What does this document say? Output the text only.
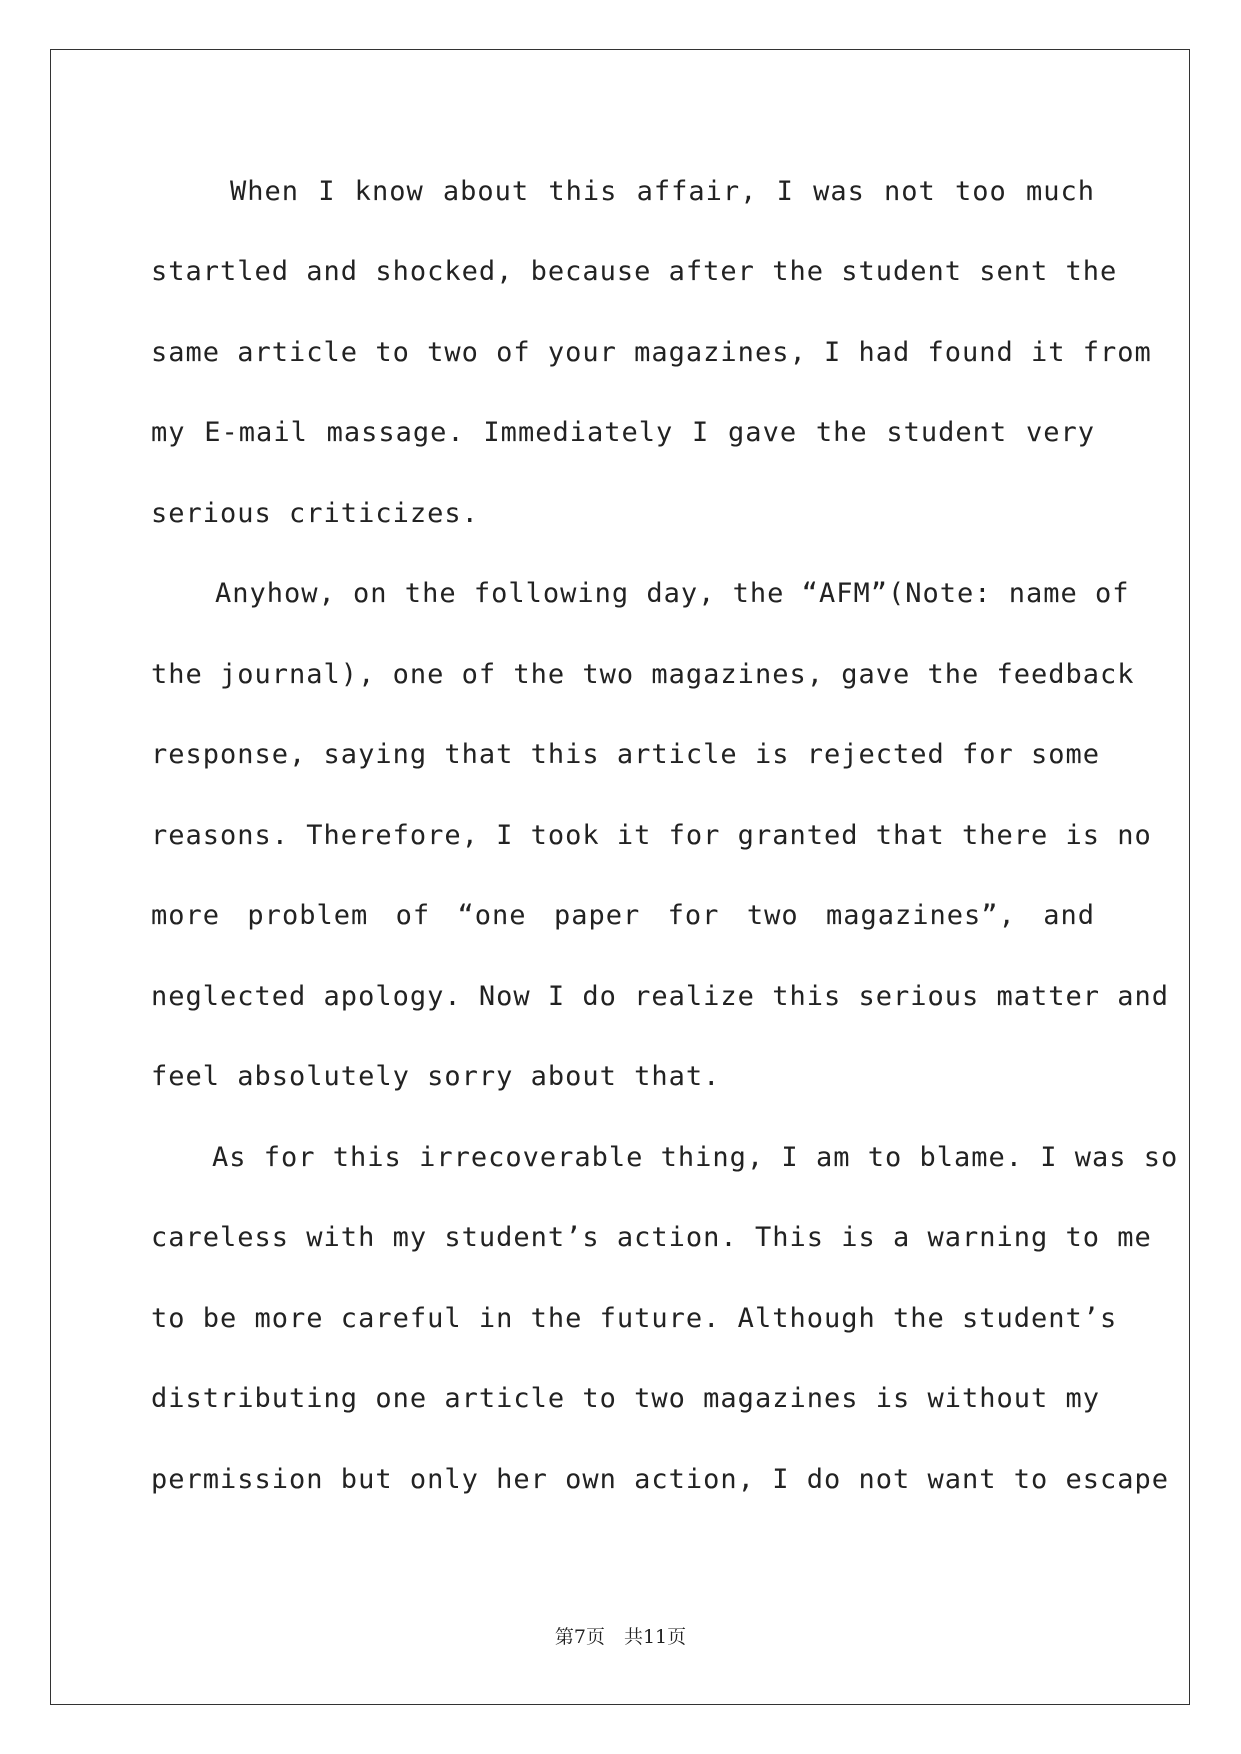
When I know about this affair, I was not too much
startled and shocked, because after the student sent the
same article to two of your magazines, I had found it from
my E-mail massage. Immediately I gave the student very
serious criticizes.
Anyhow, on the following day, the “AFM”(Note: name of
the journal), one of the two magazines, gave the feedback
response, saying that this article is rejected for some
reasons. Therefore, I took it for granted that there is no
more problem of “one paper for two magazines”, and
neglected apology. Now I do realize this serious matter and
feel absolutely sorry about that.
As for this irrecoverable thing, I am to blame. I was so
careless with my student’s action. This is a warning to me
to be more careful in the future. Although the student’s
distributing one article to two magazines is without my
permission but only her own action, I do not want to escape
第7页　共11页
